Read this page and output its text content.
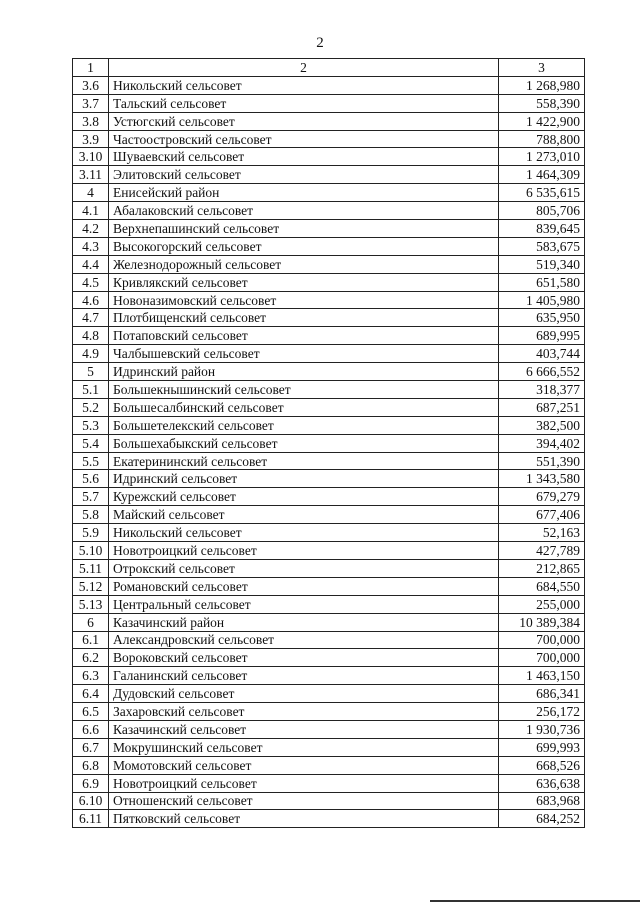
2
1	2	3
3.6	Никольский сельсовет	1 268,980
3.7	Тальский сельсовет	558,390
3.8	Устюгский сельсовет	1 422,900
3.9	Частоостровский сельсовет	788,800
3.10	Шуваевский сельсовет	1 273,010
3.11	Элитовский сельсовет	1 464,309
4	Енисейский район	6 535,615
4.1	Абалаковский сельсовет	805,706
4.2	Верхнепашинский сельсовет	839,645
4.3	Высокогорский сельсовет	583,675
4.4	Железнодорожный сельсовет	519,340
4.5	Кривлякский сельсовет	651,580
4.6	Новоназимовский сельсовет	1 405,980
4.7	Плотбищенский сельсовет	635,950
4.8	Потаповский сельсовет	689,995
4.9	Чалбышевский сельсовет	403,744
5	Идринский район	6 666,552
5.1	Большекнышинский сельсовет	318,377
5.2	Большесалбинский сельсовет	687,251
5.3	Большетелекский сельсовет	382,500
5.4	Большехабыкский сельсовет	394,402
5.5	Екатерининский сельсовет	551,390
5.6	Идринский сельсовет	1 343,580
5.7	Курежский сельсовет	679,279
5.8	Майский сельсовет	677,406
5.9	Никольский сельсовет	52,163
5.10	Новотроицкий сельсовет	427,789
5.11	Отрокский сельсовет	212,865
5.12	Романовский сельсовет	684,550
5.13	Центральный сельсовет	255,000
6	Казачинский район	10 389,384
6.1	Александровский сельсовет	700,000
6.2	Вороковский сельсовет	700,000
6.3	Галанинский сельсовет	1 463,150
6.4	Дудовский сельсовет	686,341
6.5	Захаровский сельсовет	256,172
6.6	Казачинский сельсовет	1 930,736
6.7	Мокрушинский сельсовет	699,993
6.8	Момотовский сельсовет	668,526
6.9	Новотроицкий сельсовет	636,638
6.10	Отношенский сельсовет	683,968
6.11	Пятковский сельсовет	684,252
